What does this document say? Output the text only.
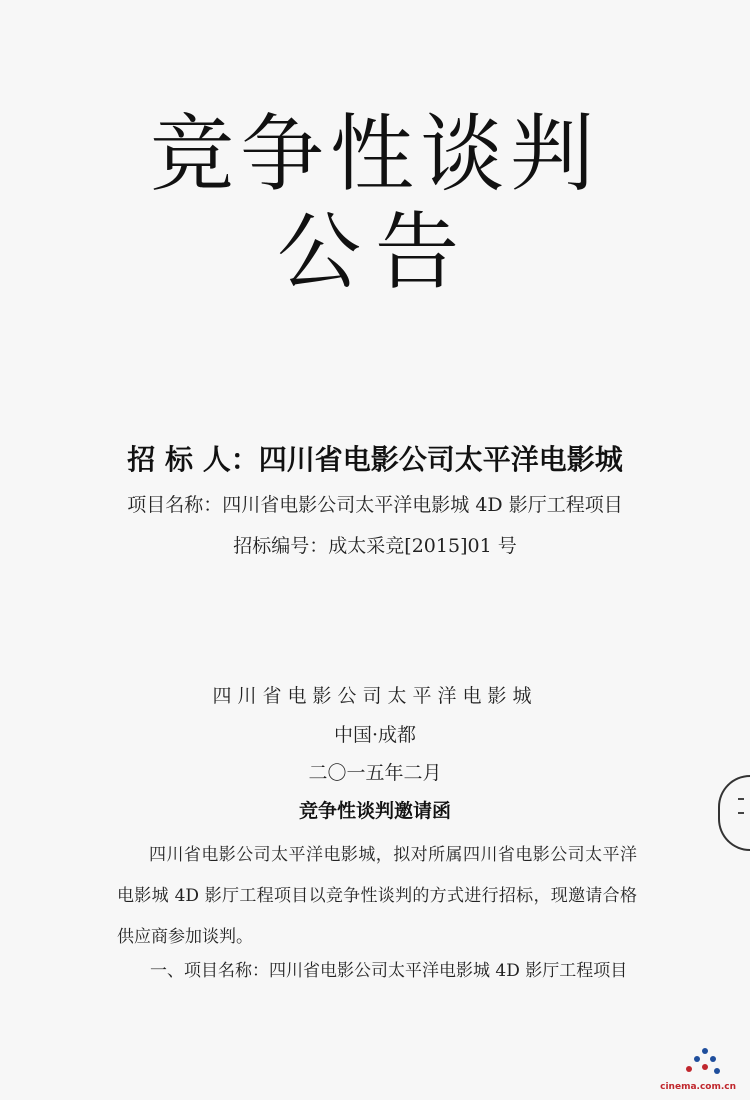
竞争性谈判
公告
招 标 人：四川省电影公司太平洋电影城
项目名称：四川省电影公司太平洋电影城 4D 影厅工程项目
招标编号：成太采竞[2015]01 号
四川省电影公司太平洋电影城
中国·成都
二〇一五年二月
竞争性谈判邀请函
四川省电影公司太平洋电影城，拟对所属四川省电影公司太平洋电影城 4D 影厅工程项目以竞争性谈判的方式进行招标，现邀请合格供应商参加谈判。
一、项目名称：四川省电影公司太平洋电影城 4D 影厅工程项目
cinema.com.cn
